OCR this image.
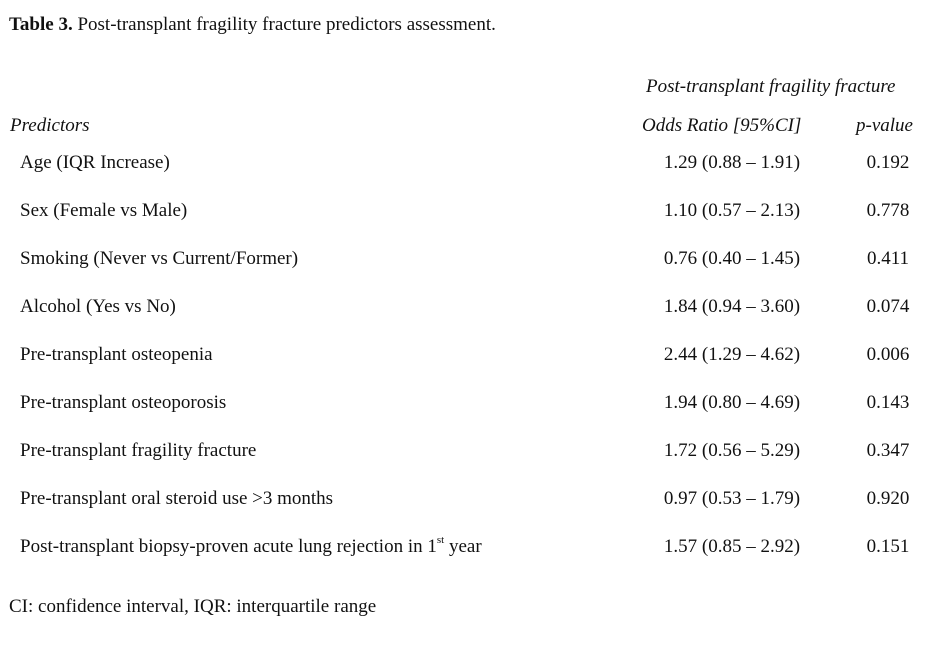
Table 3. Post-transplant fragility fracture predictors assessment.
Post-transplant fragility fracture
Predictors	Odds Ratio [95%CI]	p-value
Age (IQR Increase)	1.29 (0.88 – 1.91)	0.192
Sex (Female vs Male)	1.10 (0.57 – 2.13)	0.778
Smoking (Never vs Current/Former)	0.76 (0.40 – 1.45)	0.411
Alcohol (Yes vs No)	1.84 (0.94 – 3.60)	0.074
Pre-transplant osteopenia	2.44 (1.29 – 4.62)	0.006
Pre-transplant osteoporosis	1.94 (0.80 – 4.69)	0.143
Pre-transplant fragility fracture	1.72 (0.56 – 5.29)	0.347
Pre-transplant oral steroid use >3 months	0.97 (0.53 – 1.79)	0.920
Post-transplant biopsy-proven acute lung rejection in 1st year	1.57 (0.85 – 2.92)	0.151
CI: confidence interval, IQR: interquartile range
